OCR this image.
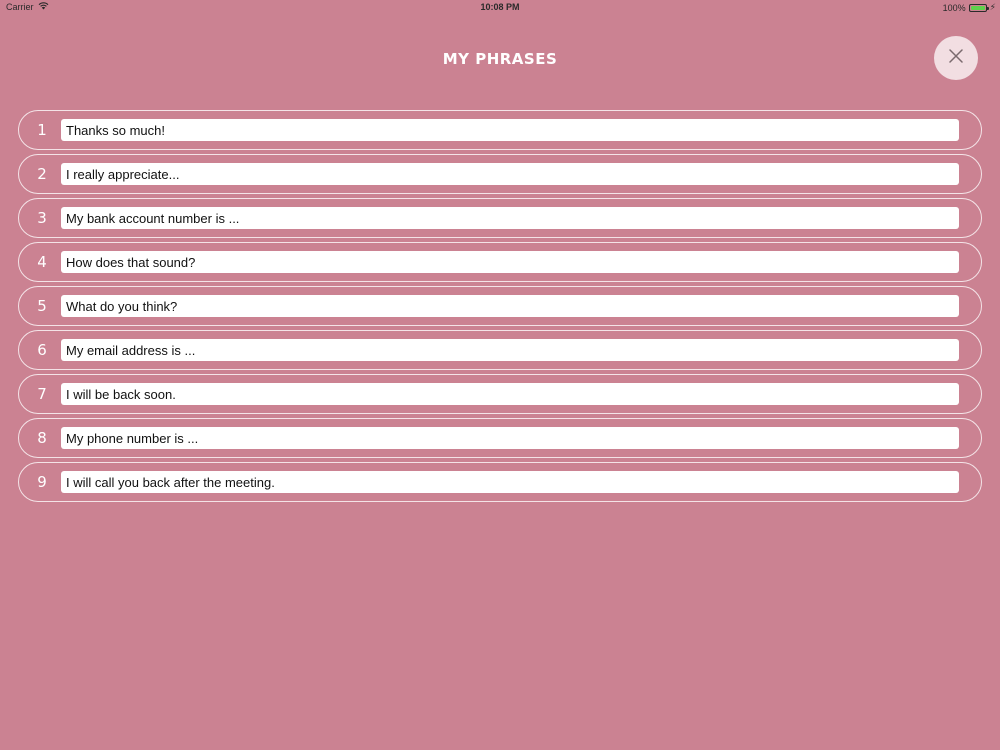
Carrier	10:08 PM	100%	⚡
MY PHRASES
1
Thanks so much!
2
I really appreciate...
3
My bank account number is ...
4
How does that sound?
5
What do you think?
6
My email address is ...
7
I will be back soon.
8
My phone number is ...
9
I will call you back after the meeting.
